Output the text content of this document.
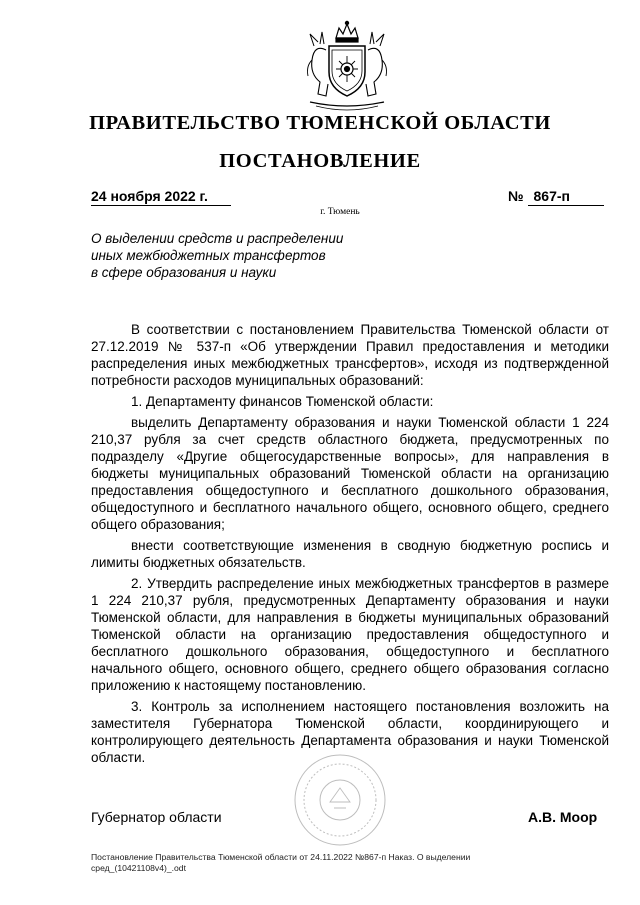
ПРАВИТЕЛЬСТВО ТЮМЕНСКОЙ ОБЛАСТИ
ПОСТАНОВЛЕНИЕ
24 ноября 2022 г.	№ 867-п
г. Тюмень
О выделении средств и распределении
иных межбюджетных трансфертов
в сфере образования и науки

В соответствии с постановлением Правительства Тюменской области от 27.12.2019 № 537-п «Об утверждении Правил предоставления и методики распределения иных межбюджетных трансфертов», исходя из подтвержденной потребности расходов муниципальных образований:

1. Департаменту финансов Тюменской области:

выделить Департаменту образования и науки Тюменской области 1 224 210,37 рубля за счет средств областного бюджета, предусмотренных по подразделу «Другие общегосударственные вопросы», для направления в бюджеты муниципальных образований Тюменской области на организацию предоставления общедоступного и бесплатного дошкольного образования, общедоступного и бесплатного начального общего, основного общего, среднего общего образования;

внести соответствующие изменения в сводную бюджетную роспись и лимиты бюджетных обязательств.

2. Утвердить распределение иных межбюджетных трансфертов в размере 1 224 210,37 рубля, предусмотренных Департаменту образования и науки Тюменской области, для направления в бюджеты муниципальных образований Тюменской области на организацию предоставления общедоступного и бесплатного дошкольного образования, общедоступного и бесплатного начального общего, основного общего, среднего общего образования согласно приложению к настоящему постановлению.

3. Контроль за исполнением настоящего постановления возложить на заместителя Губернатора Тюменской области, координирующего и контролирующего деятельность Департамента образования и науки Тюменской области.

Губернатор области	А.В. Моор
Постановление Правительства Тюменской области от 24.11.2022 №867-п Наказ. О выделении
сред_(10421108v4)_.odt
